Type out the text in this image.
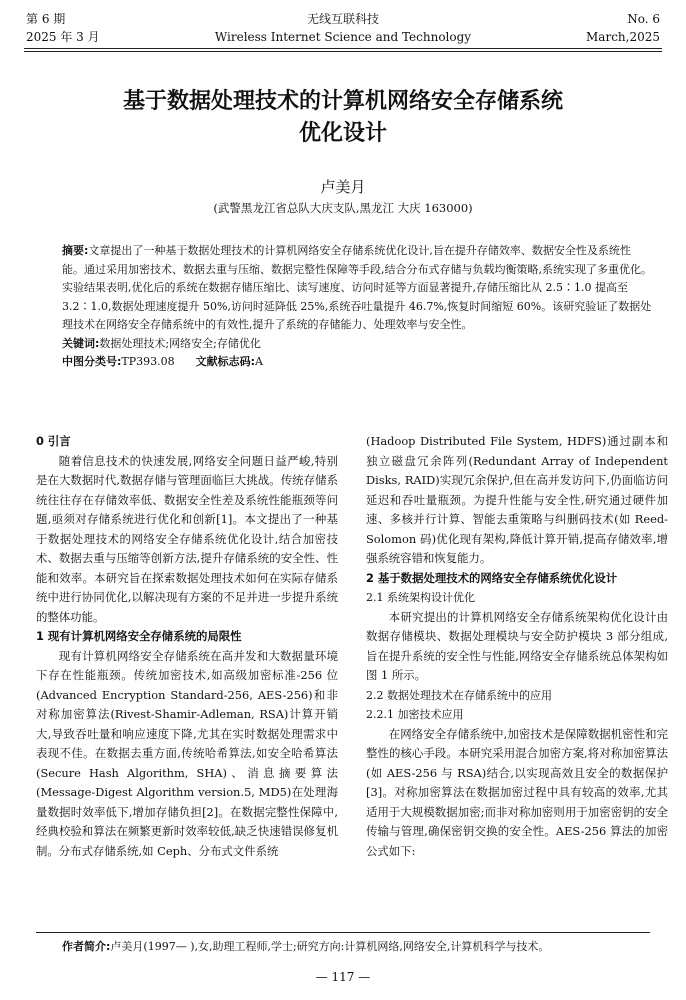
第 6 期
2025 年 3 月
无线互联科技
Wireless Internet Science and Technology
No. 6
March,2025
基于数据处理技术的计算机网络安全存储系统
优化设计
卢美月
(武警黑龙江省总队大庆支队,黑龙江 大庆 163000)

摘要:文章提出了一种基于数据处理技术的计算机网络安全存储系统优化设计,旨在提升存储效率、数据安全性及系统性能。通过采用加密技术、数据去重与压缩、数据完整性保障等手段,结合分布式存储与负载均衡策略,系统实现了多重优化。实验结果表明,优化后的系统在数据存储压缩比、读写速度、访问时延等方面显著提升,存储压缩比从 2.5∶1.0 提高至 3.2∶1.0,数据处理速度提升 50%,访问时延降低 25%,系统吞吐量提升 46.7%,恢复时间缩短 60%。该研究验证了数据处理技术在网络安全存储系统中的有效性,提升了系统的存储能力、处理效率与安全性。

关键词:数据处理技术;网络安全;存储优化

中图分类号:TP393.08 文献标志码:A

0 引言

随着信息技术的快速发展,网络安全问题日益严峻,特别是在大数据时代,数据存储与管理面临巨大挑战。传统存储系统往往存在存储效率低、数据安全性差及系统性能瓶颈等问题,亟须对存储系统进行优化和创新[1]。本文提出了一种基于数据处理技术的网络安全存储系统优化设计,结合加密技术、数据去重与压缩等创新方法,提升存储系统的安全性、性能和效率。本研究旨在探索数据处理技术如何在实际存储系统中进行协同优化,以解决现有方案的不足并进一步提升系统的整体功能。

1 现有计算机网络安全存储系统的局限性

现有计算机网络安全存储系统在高并发和大数据量环境下存在性能瓶颈。传统加密技术,如高级加密标准-256 位(Advanced Encryption Standard-256, AES-256)和非对称加密算法(Rivest-Shamir-Adleman, RSA)计算开销大,导致吞吐量和响应速度下降,尤其在实时数据处理需求中表现不佳。在数据去重方面,传统哈希算法,如安全哈希算法(Secure Hash Algorithm, SHA)、消息摘要算法(Message-Digest Algorithm version.5, MD5)在处理海量数据时效率低下,增加存储负担[2]。在数据完整性保障中,经典校验和算法在频繁更新时效率较低,缺乏快速错误修复机制。分布式存储系统,如 Ceph、分布式文件系统

(Hadoop Distributed File System, HDFS)通过副本和独立磁盘冗余阵列(Redundant Array of Independent Disks, RAID)实现冗余保护,但在高并发访问下,仍面临访问延迟和吞吐量瓶颈。为提升性能与安全性,研究通过硬件加速、多核并行计算、智能去重策略与纠删码技术(如 Reed-Solomon 码)优化现有架构,降低计算开销,提高存储效率,增强系统容错和恢复能力。

2 基于数据处理技术的网络安全存储系统优化设计
2.1 系统架构设计优化

本研究提出的计算机网络安全存储系统架构优化设计由数据存储模块、数据处理模块与安全防护模块 3 部分组成,旨在提升系统的安全性与性能,网络安全存储系统总体架构如图 1 所示。

2.2 数据处理技术在存储系统中的应用
2.2.1 加密技术应用

在网络安全存储系统中,加密技术是保障数据机密性和完整性的核心手段。本研究采用混合加密方案,将对称加密算法(如 AES-256 与 RSA)结合,以实现高效且安全的数据保护[3]。对称加密算法在数据加密过程中具有较高的效率,尤其适用于大规模数据加密;而非对称加密则用于加密密钥的安全传输与管理,确保密钥交换的安全性。AES-256 算法的加密公式如下:

作者简介:卢美月(1997— ),女,助理工程师,学士;研究方向:计算机网络,网络安全,计算机科学与技术。
— 117 —
